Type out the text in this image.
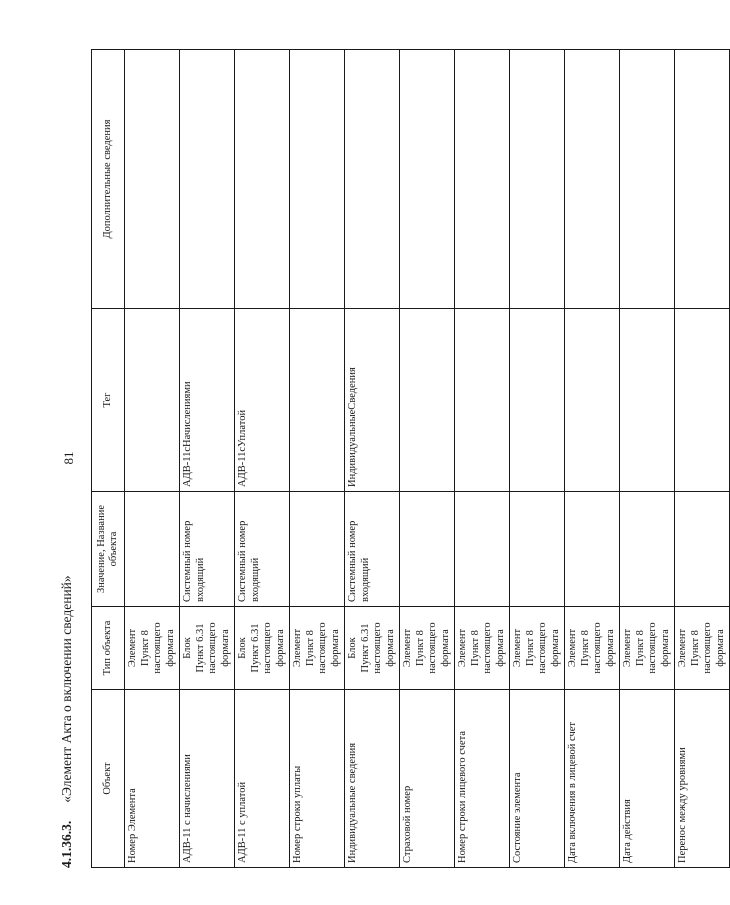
81
4.1.36.3.«Элемент Акта о включении сведений»	Объект	Тип объекта	Значение, Название объекта	Тег	Дополнительные сведения
Номер Элемента	Элемент Пункт 8 настоящего формата			

АДВ-11 с начислениями	Блок Пункт 6.31 настоящего формата	Системный номер входящий	АДВ-11сНачислениями	
АДВ-11 с уплатой	Блок Пункт 6.31 настоящего формата	Системный номер входящий	АДВ-11сУплатой	
Номер строки уплаты	Элемент Пункт 8 настоящего формата			

Индивидуальные сведения	Блок Пункт 6.31 настоящего формата	Системный номер входящий	ИндивидуальныеСведения	
Страховой номер	Элемент Пункт 8 настоящего формата			

Номер строки лицевого счета	Элемент Пункт 8 настоящего формата			

Состояние элемента	Элемент Пункт 8 настоящего формата			

Дата включения в лицевой счет	Элемент Пункт 8 настоящего формата			

Дата действия	Элемент Пункт 8 настоящего формата			

Перенос между уровнями	Элемент Пункт 8 настоящего формата			
